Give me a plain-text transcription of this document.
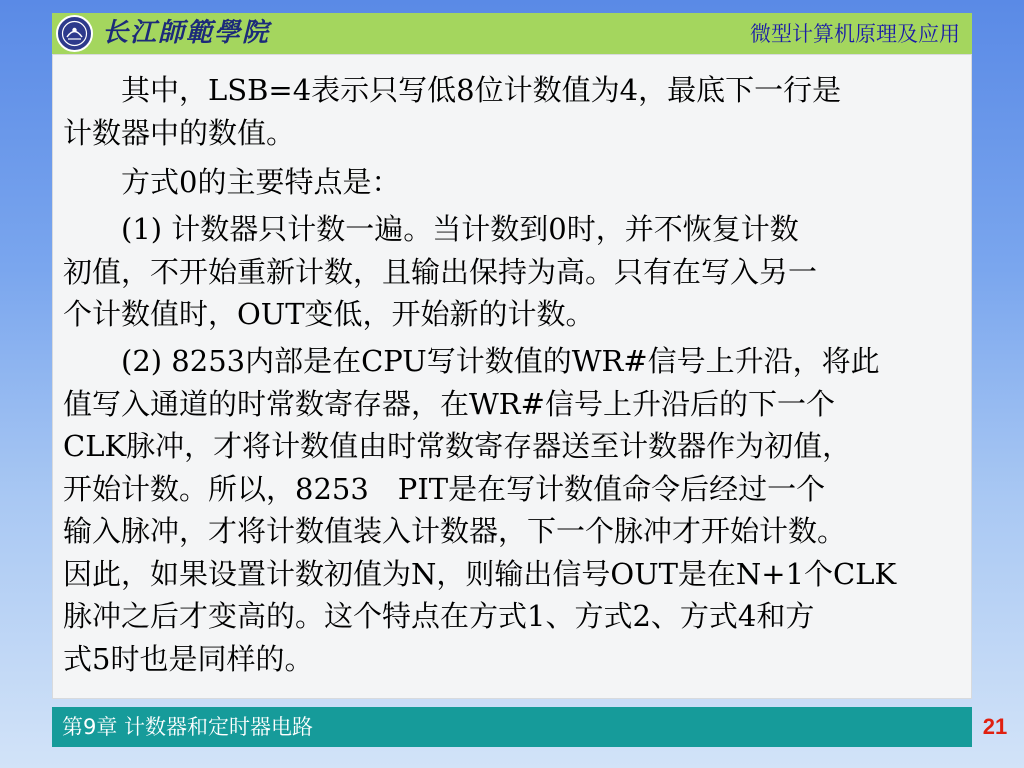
长江師範學院	微型计算机原理及应用

　　其中，LSB=4表示只写低8位计数值为4，最底下一行是
计数器中的数值。

　　方式0的主要特点是：

　　(1) 计数器只计数一遍。当计数到0时，并不恢复计数
初值，不开始重新计数，且输出保持为高。只有在写入另一
个计数值时，OUT变低，开始新的计数。

　　(2) 8253内部是在CPU写计数值的WR#信号上升沿，将此
值写入通道的时常数寄存器，在WR#信号上升沿后的下一个
CLK脉冲，才将计数值由时常数寄存器送至计数器作为初值，
开始计数。所以，8253　PIT是在写计数值命令后经过一个
输入脉冲，才将计数值装入计数器，下一个脉冲才开始计数。
因此，如果设置计数初值为N，则输出信号OUT是在N+1个CLK
脉冲之后才变高的。这个特点在方式1、方式2、方式4和方
式5时也是同样的。

第9章 计数器和定时器电路	21
